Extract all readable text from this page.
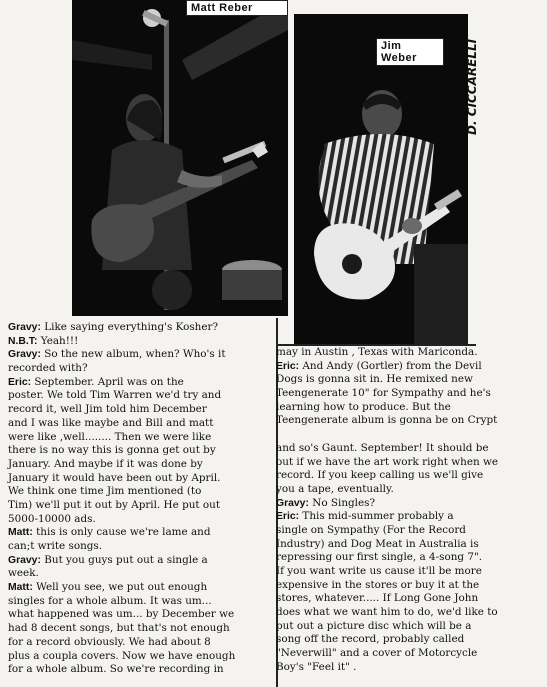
Matt Reber
Jim Weber	D. CICCARELLI
Gravy: Like saying everything's Kosher?
N.B.T: Yeah!!!
Gravy: So the new album, when? Who's it
recorded with?
Eric: September. April was on the
poster. We told Tim Warren we'd try and
record it, well Jim told him December
and I was like maybe and Bill and matt
were like ,well........ Then we were like
there is no way this is gonna get out by
January. And maybe if it was done by
January it would have been out by April.
We think one time Jim mentioned (to
Tim) we'll put it out by April. He put out
5000-10000 ads.
Matt: this is only cause we're lame and
can;t write songs.
Gravy: But you guys put out a single a
week.
Matt: Well you see, we put out enough
singles for a whole album. It was um...
what happened was um... by December we
had 8 decent songs, but that's not enough
for a record obviously. We had about 8
plus a coupla covers. Now we have enough
for a whole album. So we're recording in
may in Austin , Texas with Mariconda.
Eric: And Andy (Gortler) from the Devil
Dogs is gonna sit in. He remixed new
Teengenerate 10" for Sympathy and he's
learning how to produce. But the
Teengenerate album is gonna be on Crypt
and so's Gaunt. September! It should be
out if we have the art work right when we
record. If you keep calling us we'll give
you a tape, eventually.
Gravy: No Singles?
Eric: This mid-summer probably a
single on Sympathy (For the Record
Industry) and Dog Meat in Australia is
repressing our first single, a 4-song 7".
If you want write us cause it'll be more
expensive in the stores or buy it at the
stores, whatever..... If Long Gone John
does what we want him to do, we'd like to
put out a picture disc which will be a
song off the record, probably called
"Neverwill" and a cover of Motorcycle
Boy's "Feel it" .
